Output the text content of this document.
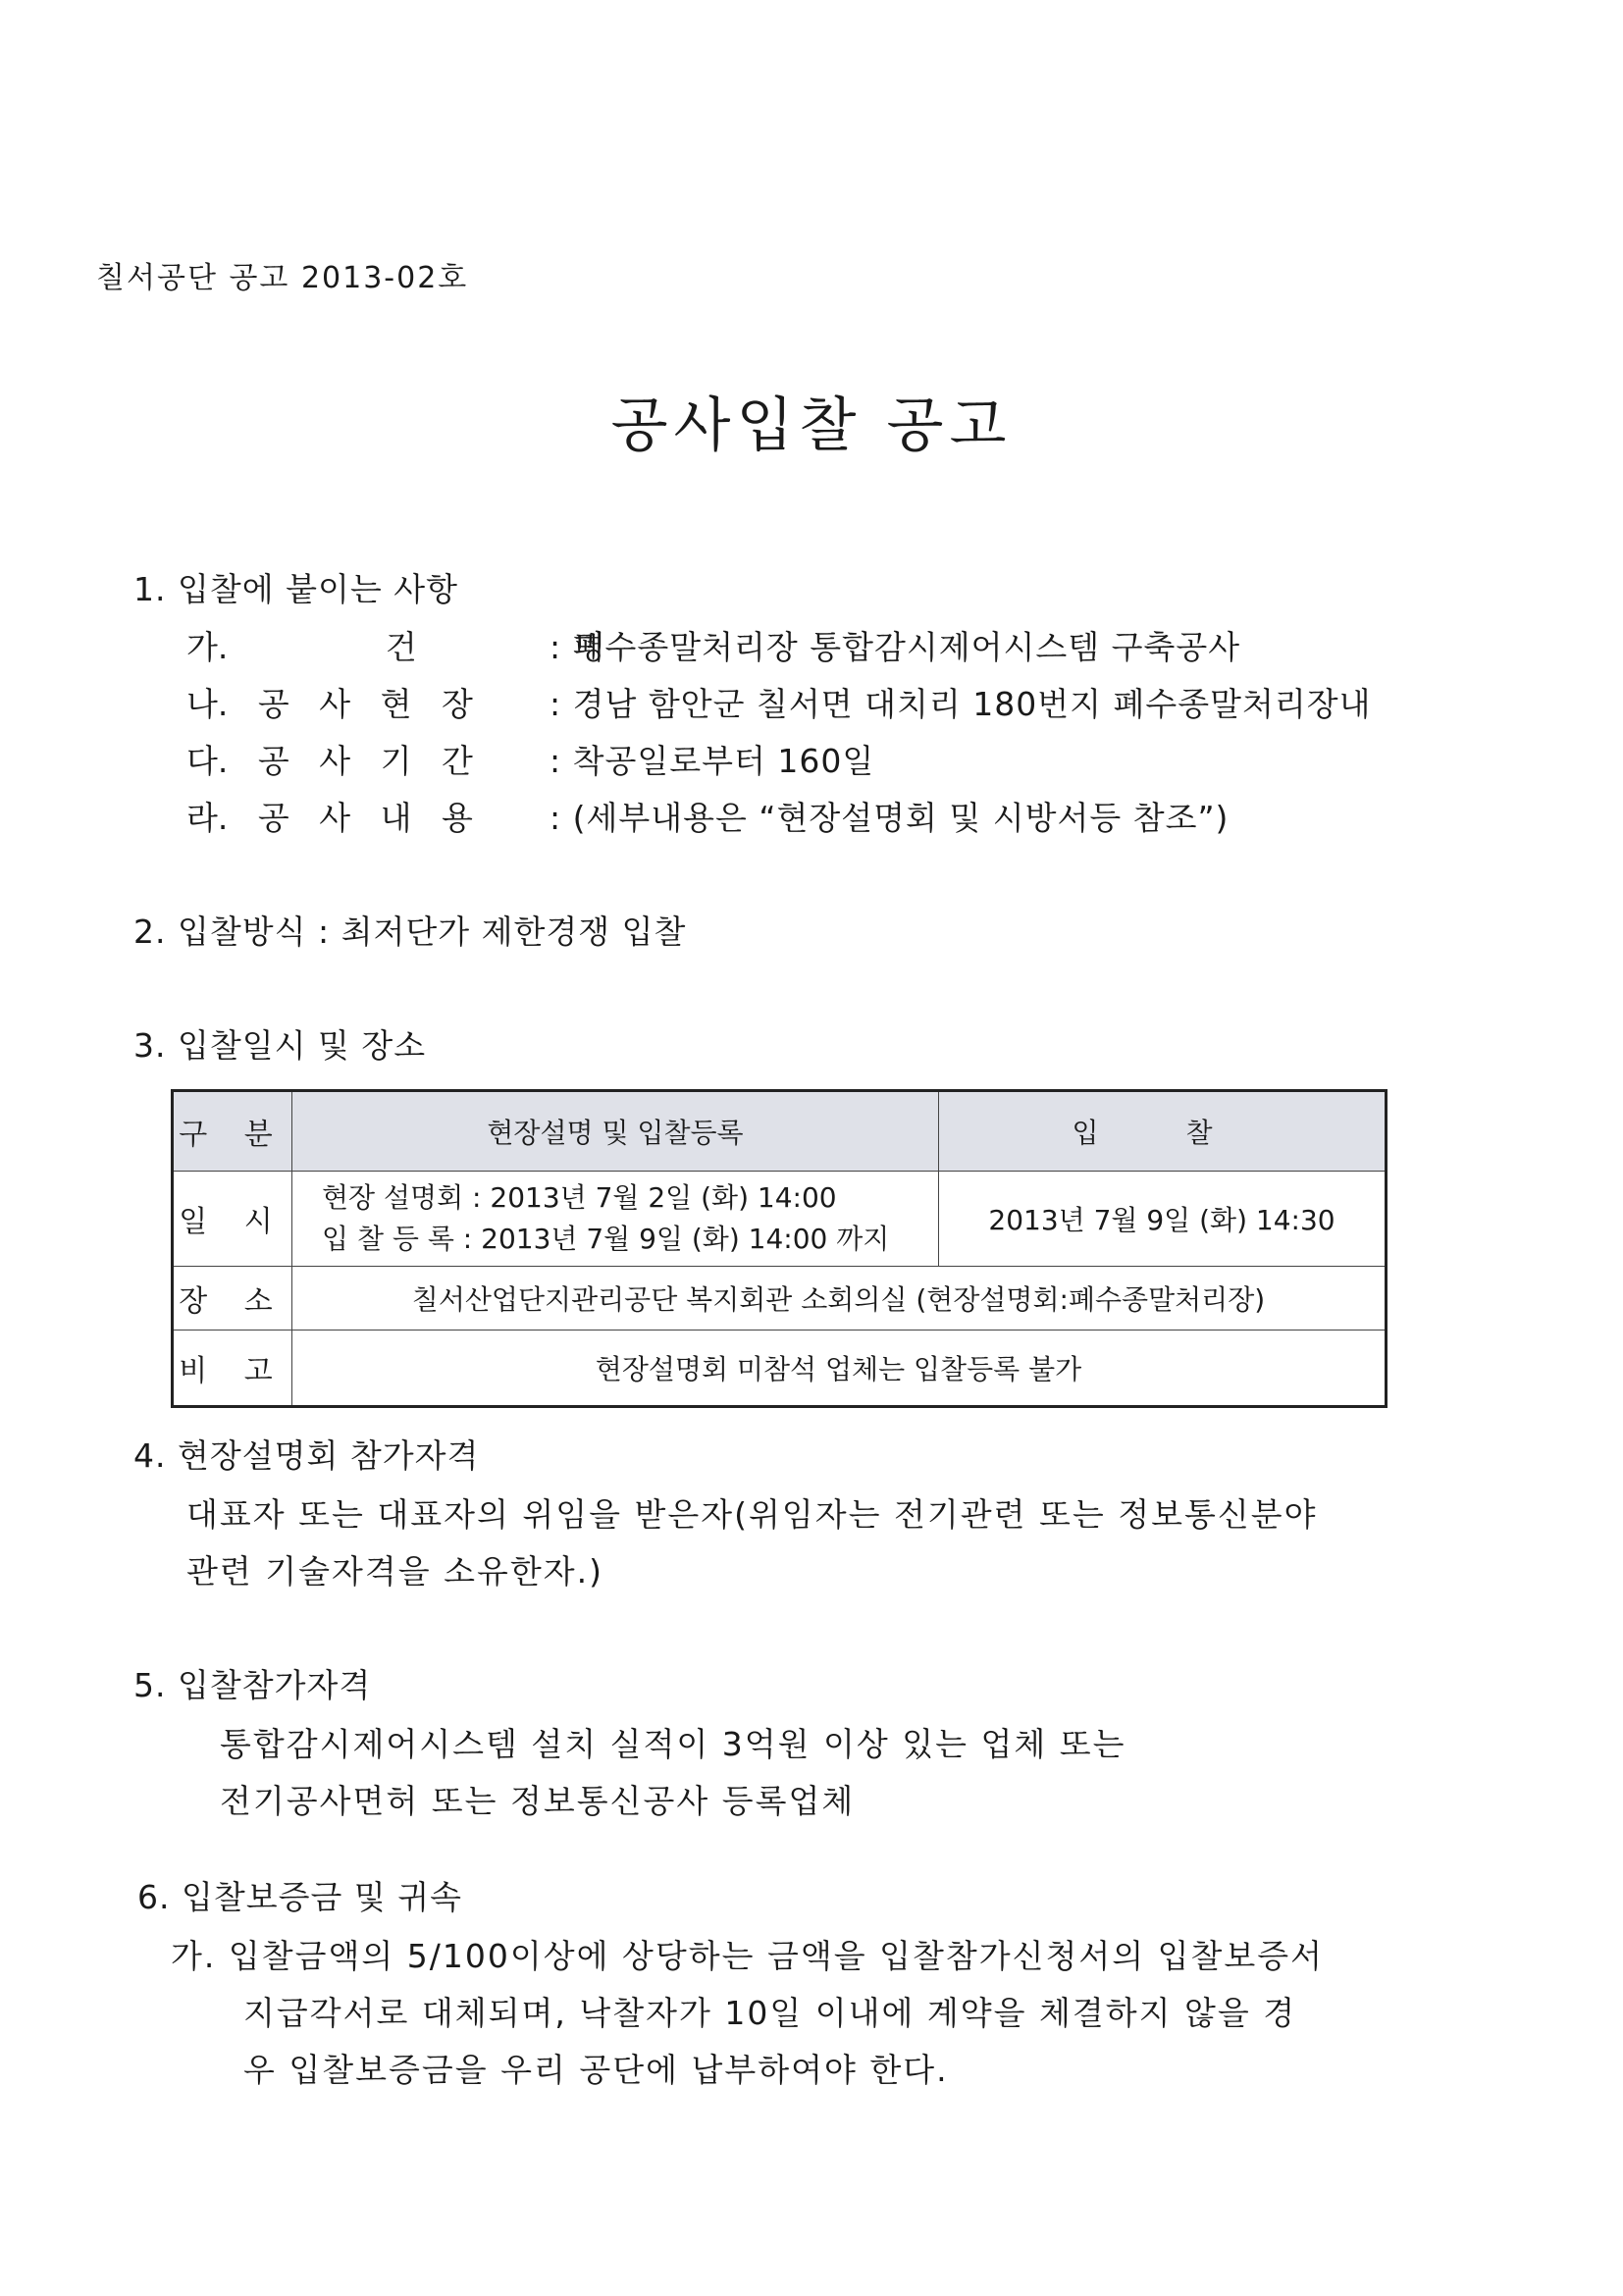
칠서공단 공고 2013-02호
공사입찰 공고
1. 입찰에 붙이는 사항
가. 건 명: 폐수종말처리장 통합감시제어시스템 구축공사
나. 공 사 현 장 : 경남 함안군 칠서면 대치리 180번지 폐수종말처리장내
다. 공 사 기 간 : 착공일로부터 160일
라. 공 사 내 용 : (세부내용은 “현장설명회 및 시방서등 참조”)
2. 입찰방식 : 최저단가 제한경쟁 입찰
3. 입찰일시 및 장소
구 분	현장설명 및 입찰등록	입 찰
일 시	현장 설명회 : 2013년 7월 2일 (화) 14:00
입 찰 등 록 : 2013년 7월 9일 (화) 14:00 까지	2013년 7월 9일 (화) 14:30
장 소	칠서산업단지관리공단 복지회관 소회의실 (현장설명회:폐수종말처리장)	
비 고	현장설명회 미참석 업체는 입찰등록 불가	
4. 현장설명회 참가자격
대표자 또는 대표자의 위임을 받은자(위임자는 전기관련 또는 정보통신분야
관련 기술자격을 소유한자.)
5. 입찰참가자격
통합감시제어시스템 설치 실적이 3억원 이상 있는 업체 또는
전기공사면허 또는 정보통신공사 등록업체
6. 입찰보증금 및 귀속
가. 입찰금액의 5/100이상에 상당하는 금액을 입찰참가신청서의 입찰보증서
지급각서로 대체되며, 낙찰자가 10일 이내에 계약을 체결하지 않을 경
우 입찰보증금을 우리 공단에 납부하여야 한다.
